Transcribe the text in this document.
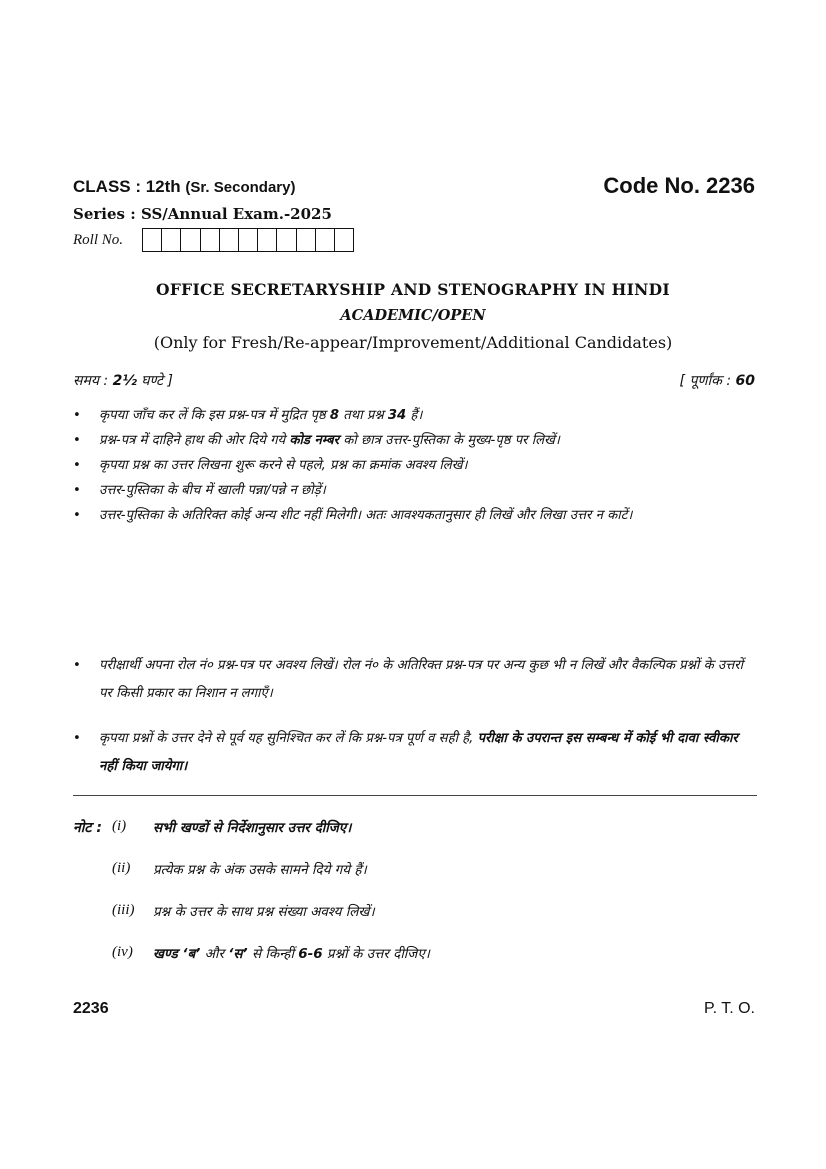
CLASS : 12th (Sr. Secondary)	Code No. 2236
Series : SS/Annual Exam.-2025
Roll No.
OFFICE SECRETARYSHIP AND STENOGRAPHY IN HINDI
ACADEMIC/OPEN
(Only for Fresh/Re-appear/Improvement/Additional Candidates)
समय : 2½ घण्टे ]	[ पूर्णांक : 60
• कृपया जाँच कर लें कि इस प्रश्न-पत्र में मुद्रित पृष्ठ 8 तथा प्रश्न 34 हैं।
• प्रश्न-पत्र में दाहिने हाथ की ओर दिये गये कोड नम्बर को छात्र उत्तर-पुस्तिका के मुख्य-पृष्ठ पर लिखें।
• कृपया प्रश्न का उत्तर लिखना शुरू करने से पहले, प्रश्न का क्रमांक अवश्य लिखें।
• उत्तर-पुस्तिका के बीच में खाली पन्ना/पन्ने न छोड़ें।
• उत्तर-पुस्तिका के अतिरिक्त कोई अन्य शीट नहीं मिलेगी। अतः आवश्यकतानुसार ही लिखें और लिखा उत्तर न काटें।
• परीक्षार्थी अपना रोल नं० प्रश्न-पत्र पर अवश्य लिखें। रोल नं० के अतिरिक्त प्रश्न-पत्र पर अन्य कुछ भी न लिखें और वैकल्पिक प्रश्नों के उत्तरों पर किसी प्रकार का निशान न लगाएँ।
• कृपया प्रश्नों के उत्तर देने से पूर्व यह सुनिश्चित कर लें कि प्रश्न-पत्र पूर्ण व सही है, परीक्षा के उपरान्त इस सम्बन्ध में कोई भी दावा स्वीकार नहीं किया जायेगा।
नोट : (i) सभी खण्डों से निर्देशानुसार उत्तर दीजिए।
(ii) प्रत्येक प्रश्न के अंक उसके सामने दिये गये हैं।
(iii) प्रश्न के उत्तर के साथ प्रश्न संख्या अवश्य लिखें।
(iv) खण्ड ‘ब’ और ‘स’ से किन्हीं 6-6 प्रश्नों के उत्तर दीजिए।
2236	P. T. O.
